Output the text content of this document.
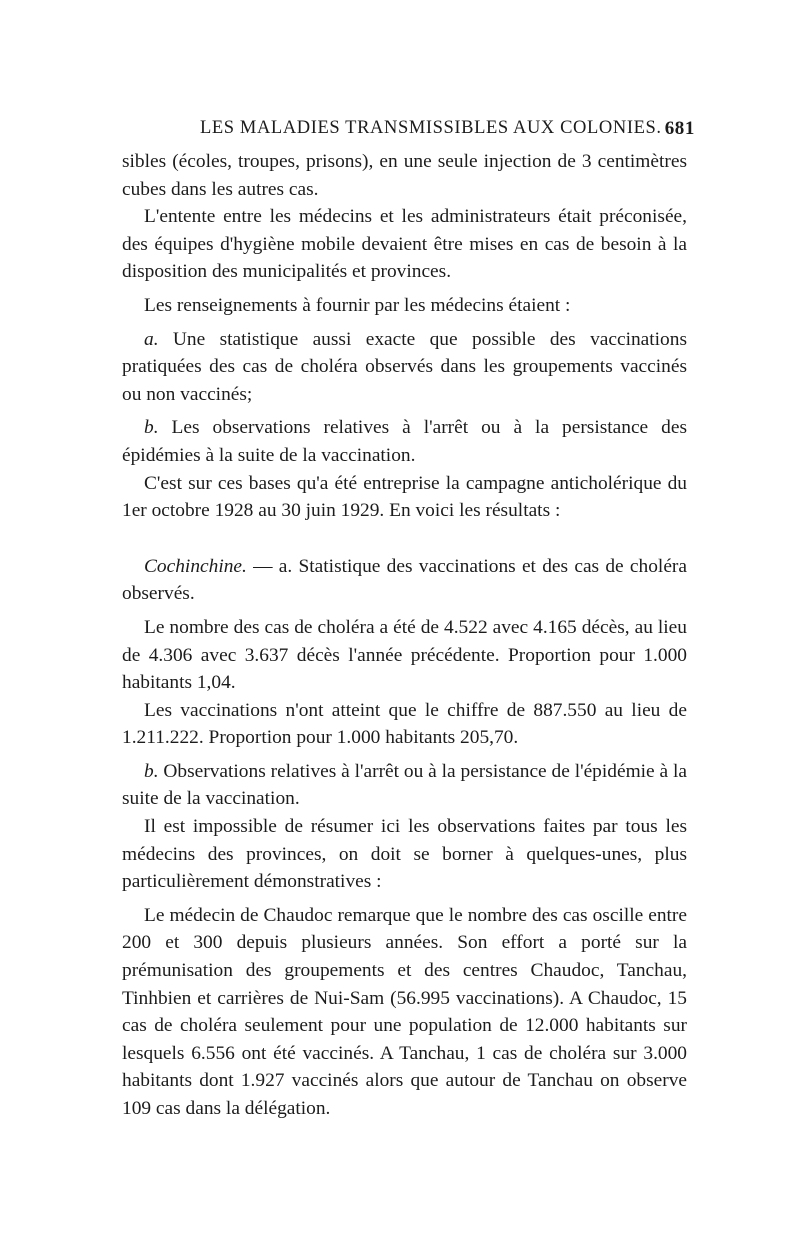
LES MALADIES TRANSMISSIBLES AUX COLONIES. 681

sibles (écoles, troupes, prisons), en une seule injection de 3 centimètres cubes dans les autres cas.

L'entente entre les médecins et les administrateurs était préconisée, des équipes d'hygiène mobile devaient être mises en cas de besoin à la disposition des municipalités et provinces.

Les renseignements à fournir par les médecins étaient :

a. Une statistique aussi exacte que possible des vaccinations pratiquées des cas de choléra observés dans les groupements vaccinés ou non vaccinés;

b. Les observations relatives à l'arrêt ou à la persistance des épidémies à la suite de la vaccination.

C'est sur ces bases qu'a été entreprise la campagne anticholérique du 1er octobre 1928 au 30 juin 1929. En voici les résultats :

Cochinchine. — a. Statistique des vaccinations et des cas de choléra observés.

Le nombre des cas de choléra a été de 4.522 avec 4.165 décès, au lieu de 4.306 avec 3.637 décès l'année précédente. Proportion pour 1.000 habitants 1,04.

Les vaccinations n'ont atteint que le chiffre de 887.550 au lieu de 1.211.222. Proportion pour 1.000 habitants 205,70.

b. Observations relatives à l'arrêt ou à la persistance de l'épidémie à la suite de la vaccination.

Il est impossible de résumer ici les observations faites par tous les médecins des provinces, on doit se borner à quelques-unes, plus particulièrement démonstratives :

Le médecin de Chaudoc remarque que le nombre des cas oscille entre 200 et 300 depuis plusieurs années. Son effort a porté sur la prémunisation des groupements et des centres Chaudoc, Tanchau, Tinhbien et carrières de Nui-Sam (56.995 vaccinations). A Chaudoc, 15 cas de choléra seulement pour une population de 12.000 habitants sur lesquels 6.556 ont été vaccinés. A Tanchau, 1 cas de choléra sur 3.000 habitants dont 1.927 vaccinés alors que autour de Tanchau on observe 109 cas dans la délégation.
